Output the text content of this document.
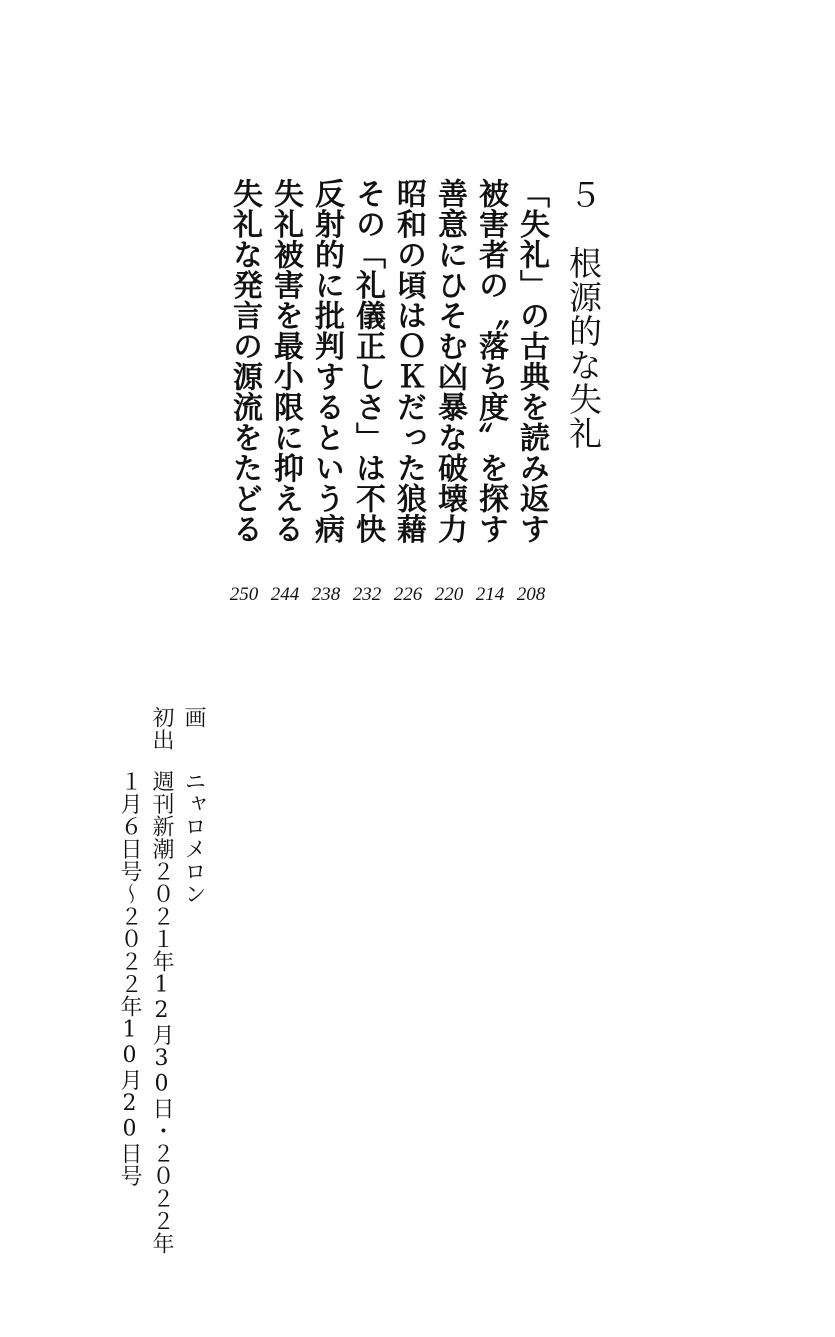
５　根源的な失礼
「失礼」の古典を読み返す
被害者の〝落ち度〟を探す
善意にひそむ凶暴な破壊力
昭和の頃はＯＫだった狼藉
その「礼儀正しさ」は不快
反射的に批判するという病
失礼被害を最小限に抑える
失礼な発言の源流をたどる
208
214
220
226
232
238
244
250
画
ニャロメロン
初出
週刊新潮２０２１年12月30日・２０２２年
１月６日号〜２０２２年10月20日号
